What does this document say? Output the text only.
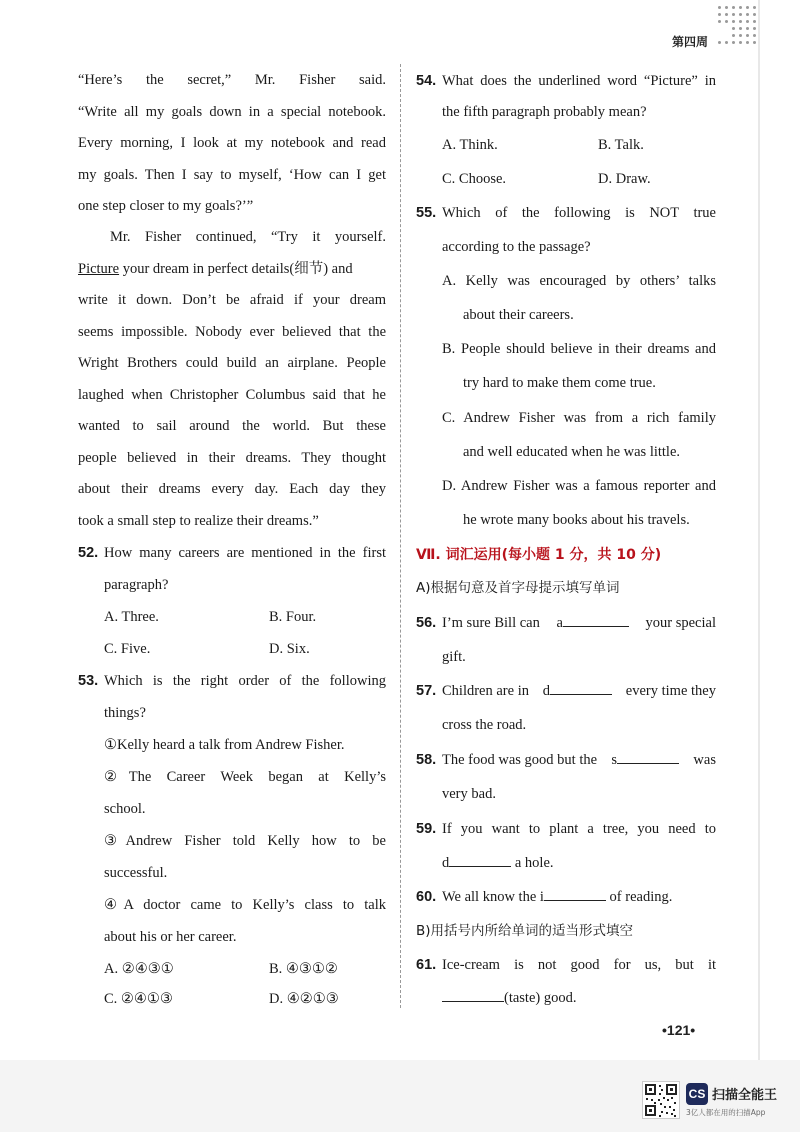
第四周
“Here’s the secret,” Mr. Fisher said.
“Write all my goals down in a special notebook.
Every morning, I look at my notebook and read
my goals. Then I say to myself, ‘How can I get
one step closer to my goals?’”
Mr. Fisher continued, “Try it yourself.
Picture your dream in perfect details(细节) and
write it down. Don’t be afraid if your dream
seems impossible. Nobody ever believed that the
Wright Brothers could build an airplane. People
laughed when Christopher Columbus said that he
wanted to sail around the world. But these
people believed in their dreams. They thought
about their dreams every day. Each day they
took a small step to realize their dreams.”
52. How many careers are mentioned in the first
paragraph?
A. Three.	B. Four.
C. Five.	D. Six.
53. Which is the right order of the following
things?
①Kelly heard a talk from Andrew Fisher.
②The Career Week began at Kelly’s
school.
③Andrew Fisher told Kelly how to be
successful.
④A doctor came to Kelly’s class to talk
about his or her career.
A. ②④③①	B. ④③①②
C. ②④①③	D. ④②①③
54. What does the underlined word “Picture” in
the fifth paragraph probably mean?
A. Think.	B. Talk.
C. Choose.	D. Draw.
55. Which of the following is NOT true
according to the passage?
A. Kelly was encouraged by others’ talks
about their careers.
B. People should believe in their dreams and
try hard to make them come true.
C. Andrew Fisher was from a rich family
and well educated when he was little.
D. Andrew Fisher was a famous reporter and
he wrote many books about his travels.
Ⅶ. 词汇运用(每小题 1 分，共 10 分)
A)根据句意及首字母提示填写单词
56. I’m sure Bill can a	your special
gift.
57. Children are in d	every time they
cross the road.
58. The food was good but the s	was
very bad.
59. If you want to plant a tree, you need to
d	a hole.
60. We all know the i	of reading.
B)用括号内所给单词的适当形式填空
61. Ice-cream is not good for us, but it
(taste) good.
•121•
CS 扫描全能王
3亿人都在用的扫描App
